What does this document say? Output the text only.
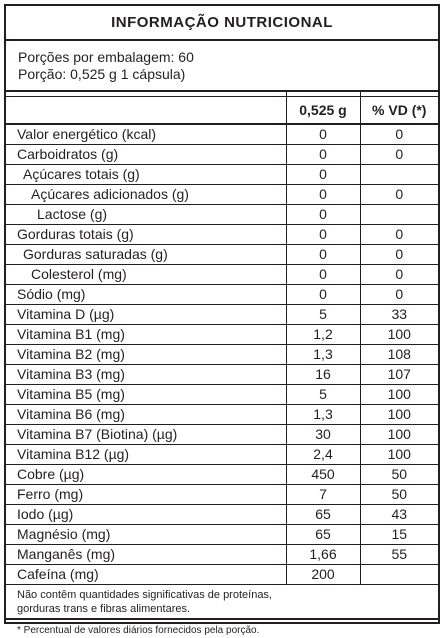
INFORMAÇÃO NUTRICIONAL
Porções por embalagem: 60
Porção: 0,525 g 1 cápsula)

	0,525 g	% VD (*)
Valor energético (kcal)	0	0
Carboidratos (g)	0	0
Açúcares totais (g)	0	
Açúcares adicionados (g)	0	0
Lactose (g)	0	
Gorduras totais (g)	0	0
Gorduras saturadas (g)	0	0
Colesterol (mg)	0	0
Sódio (mg)	0	0
Vitamina D (µg)	5	33
Vitamina B1 (mg)	1,2	100
Vitamina B2 (mg)	1,3	108
Vitamina B3 (mg)	16	107
Vitamina B5 (mg)	5	100
Vitamina B6 (mg)	1,3	100
Vitamina B7 (Biotina) (µg)	30	100
Vitamina B12 (µg)	2,4	100
Cobre (µg)	450	50
Ferro (mg)	7	50
Iodo (µg)	65	43
Magnésio (mg)	65	15
Manganês (mg)	1,66	55
Cafeína (mg)	200	
Não contêm quantidades significativas de proteínas,
gorduras trans e fibras alimentares.
* Percentual de valores diários fornecidos pela porção.
